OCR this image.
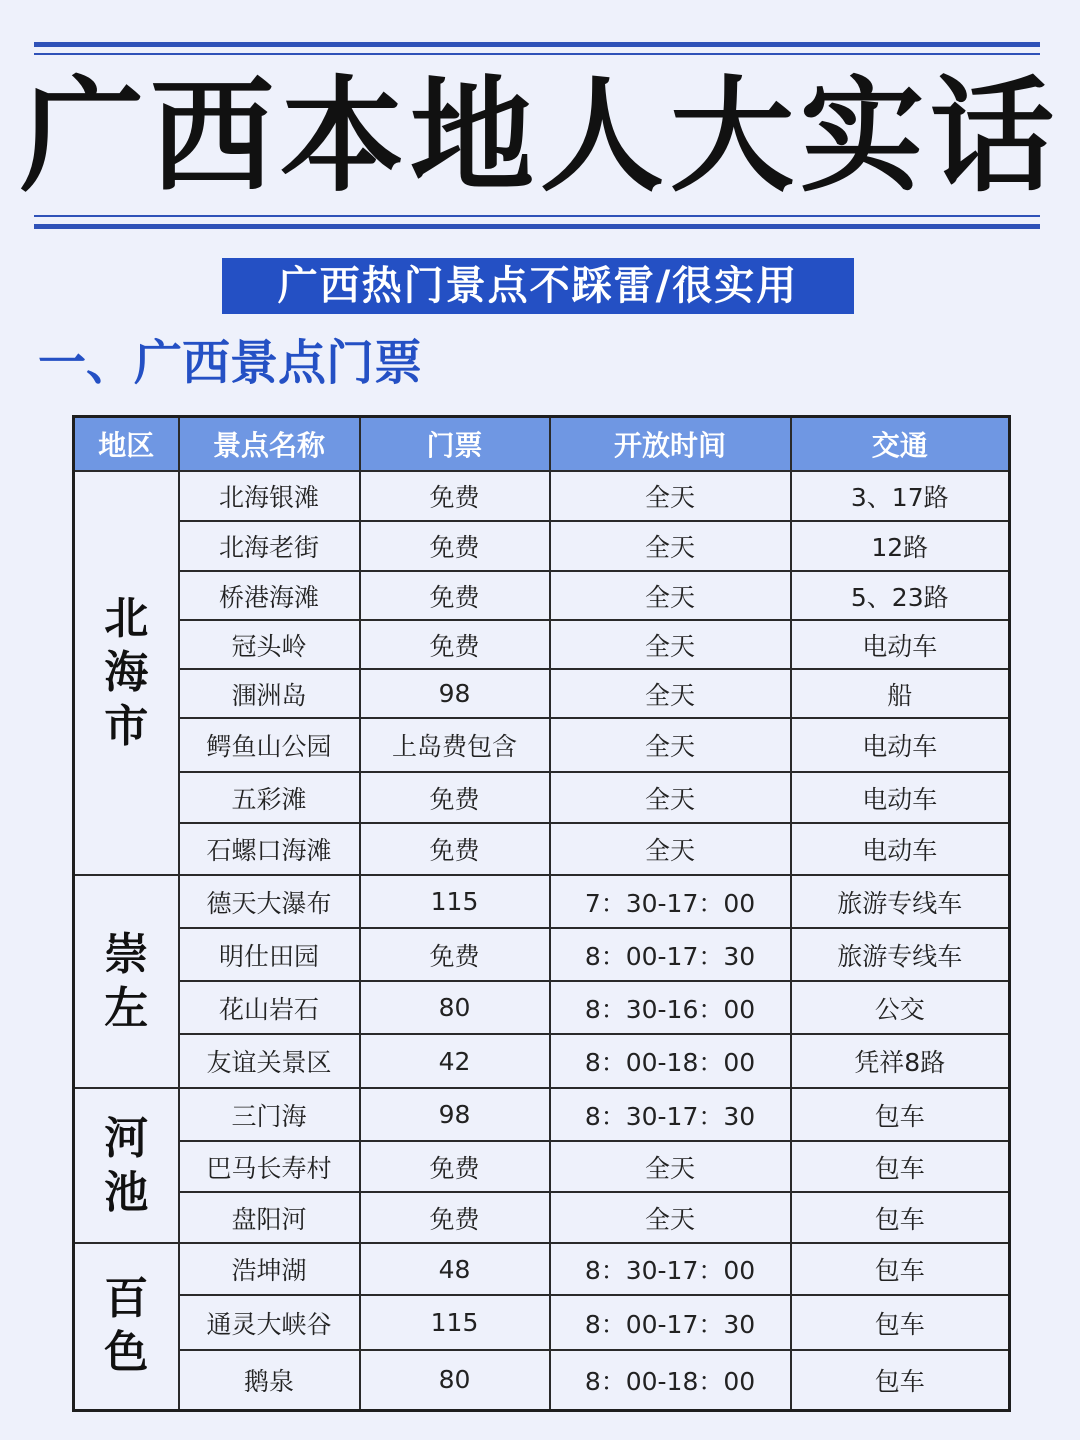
广西本地人大实话
广西热门景点不踩雷/很实用
一、广西景点门票
地区	景点名称	门票	开放时间	交通

北
海
市	北海银滩	免费	全天	3、17路
	北海老街	免费	全天	12路
	桥港海滩	免费	全天	5、23路
	冠头岭	免费	全天	电动车
	涠洲岛	98	全天	船
	鳄鱼山公园	上岛费包含	全天	电动车
	五彩滩	免费	全天	电动车
	石螺口海滩	免费	全天	电动车

崇
左	德天大瀑布	115	7：30-17：00	旅游专线车
	明仕田园	免费	8：00-17：30	旅游专线车
	花山岩石	80	8：30-16：00	公交
	友谊关景区	42	8：00-18：00	凭祥8路

河
池	三门海	98	8：30-17：30	包车
	巴马长寿村	免费	全天	包车
	盘阳河	免费	全天	包车

百
色	浩坤湖	48	8：30-17：00	包车
	通灵大峡谷	115	8：00-17：30	包车
	鹅泉	80	8：00-18：00	包车
